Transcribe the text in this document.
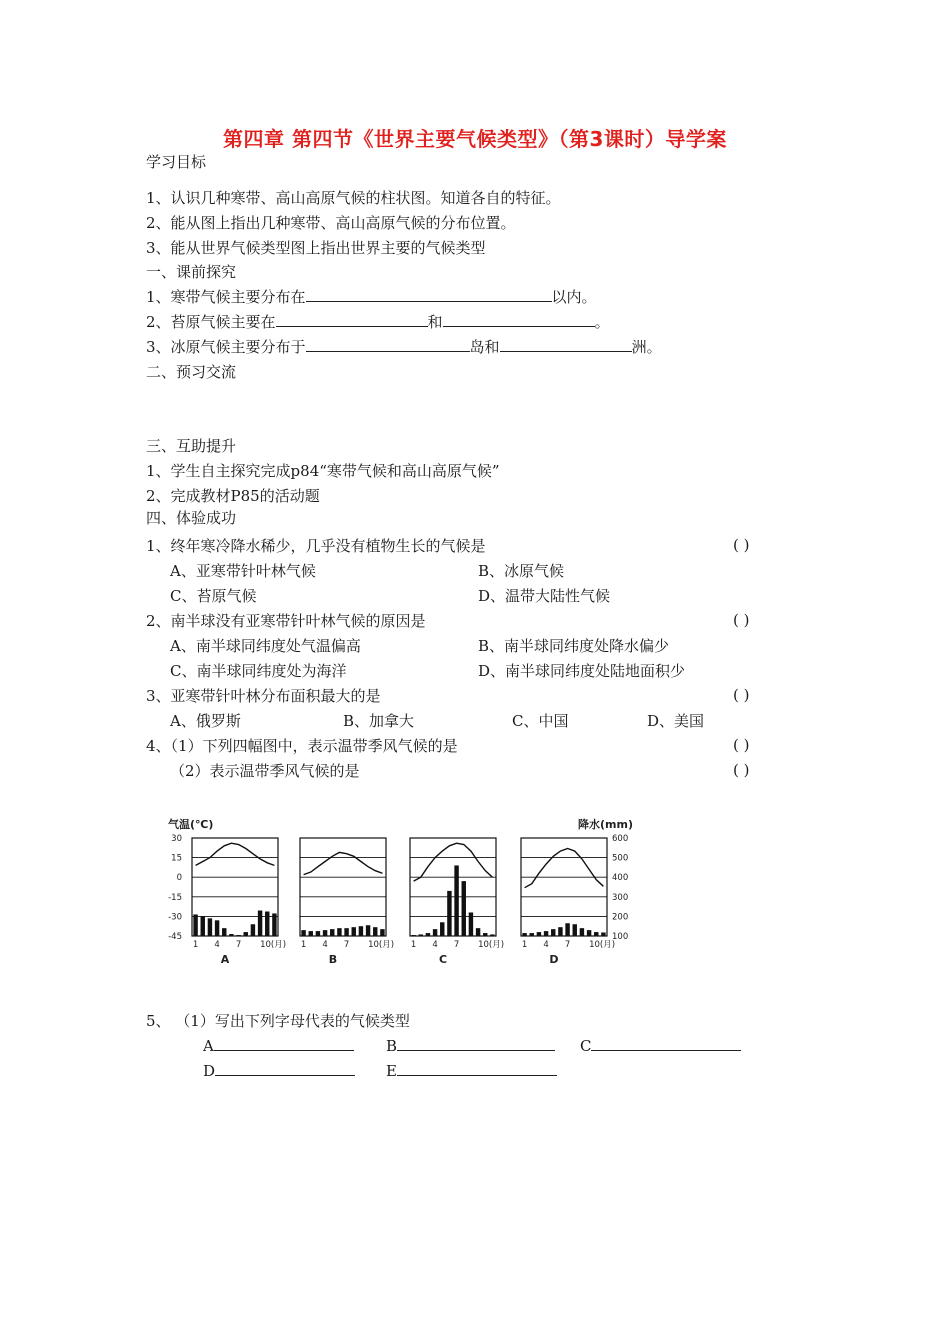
第四章 第四节《世界主要气候类型》（第3课时）导学案
学习目标
1、认识几种寒带、高山高原气候的柱状图。知道各自的特征。
2、能从图上指出几种寒带、高山高原气候的分布位置。
3、能从世界气候类型图上指出世界主要的气候类型
一、课前探究
1、寒带气候主要分布在	以内。
2、苔原气候主要在	和	。
3、冰原气候主要分布于	岛和	洲。
二、预习交流
三、互助提升
1、学生自主探究完成p84“寒带气候和高山高原气候”
2、完成教材P85的活动题
四、体验成功
1、终年寒冷降水稀少，几乎没有植物生长的气候是	( )
A、亚寒带针叶林气候	B、冰原气候
C、苔原气候	D、温带大陆性气候
2、南半球没有亚寒带针叶林气候的原因是	( )
A、南半球同纬度处气温偏高	B、南半球同纬度处降水偏少
C、南半球同纬度处为海洋	D、南半球同纬度处陆地面积少
3、亚寒带针叶林分布面积最大的是	( )
A、俄罗斯	B、加拿大	C、中国	D、美国
4、（1）下列四幅图中，表示温带季风气候的是	( )
（2）表示温带季风气候的是	( )
气温(℃)	降水(mm)
30
15
0
-15
-30
-45
600
500
400
300
200
100
1 4 7 10(月)
A
1 4 7 10(月)
B
1 4 7 10(月)
C
1 4 7 10(月)
D
5、 （1）写出下列字母代表的气候类型
A	B	C
D	E
